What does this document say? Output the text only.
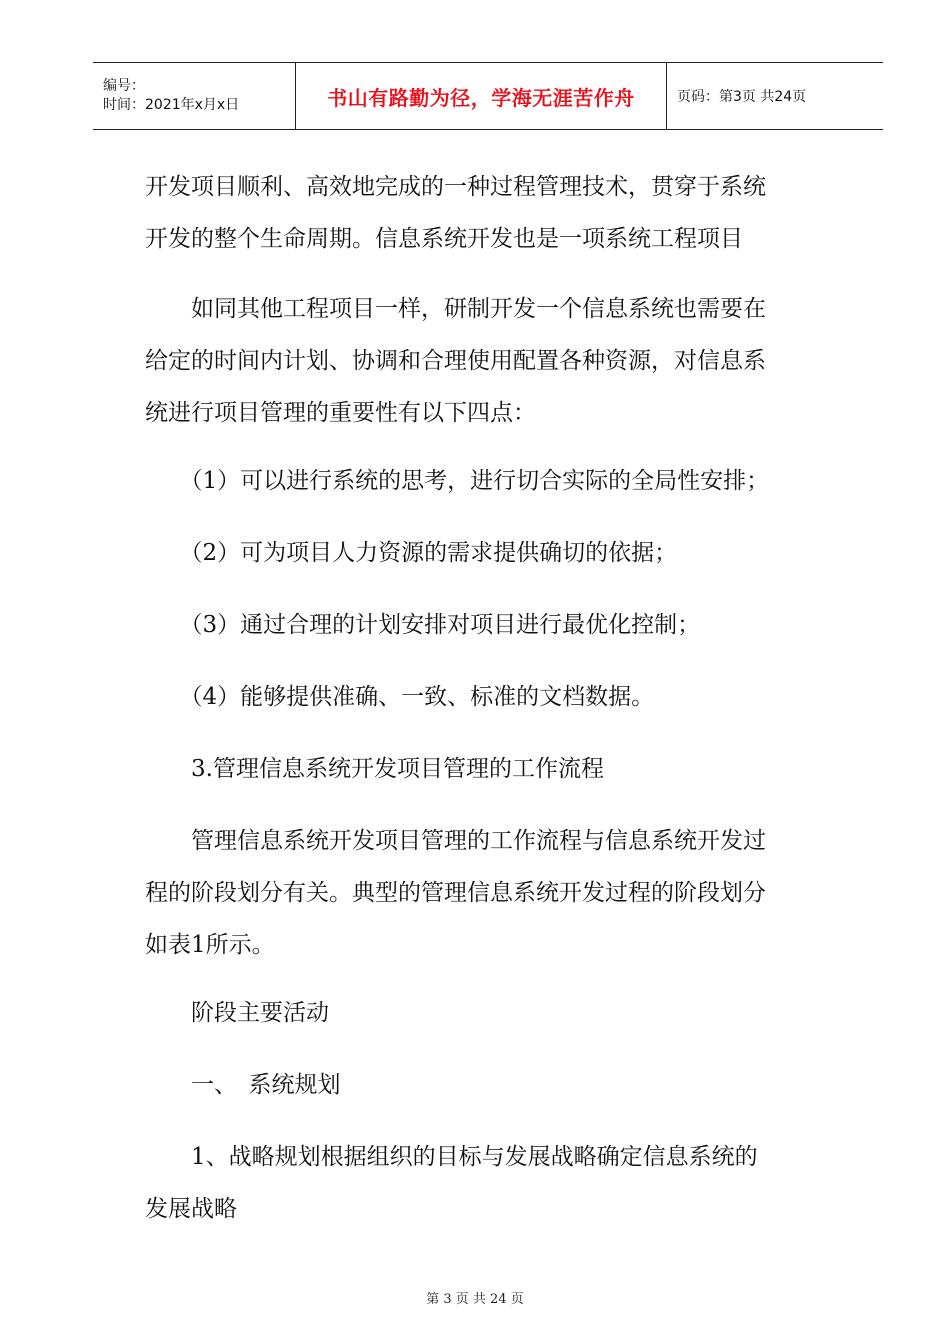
编号：
时间：2021年x月x日	书山有路勤为径，学海无涯苦作舟	页码：第3页 共24页
开发项目顺利、高效地完成的一种过程管理技术，贯穿于系统
开发的整个生命周期。信息系统开发也是一项系统工程项目
　　如同其他工程项目一样，研制开发一个信息系统也需要在
给定的时间内计划、协调和合理使用配置各种资源，对信息系
统进行项目管理的重要性有以下四点：
　　（1）可以进行系统的思考，进行切合实际的全局性安排；
　　（2）可为项目人力资源的需求提供确切的依据；
　　（3）通过合理的计划安排对项目进行最优化控制；
　　（4）能够提供准确、一致、标准的文档数据。
　　3.管理信息系统开发项目管理的工作流程
　　管理信息系统开发项目管理的工作流程与信息系统开发过
程的阶段划分有关。典型的管理信息系统开发过程的阶段划分
如表1所示。
　　阶段主要活动
　　一、　系统规划
　　1、战略规划根据组织的目标与发展战略确定信息系统的
发展战略
第 3 页 共 24 页
